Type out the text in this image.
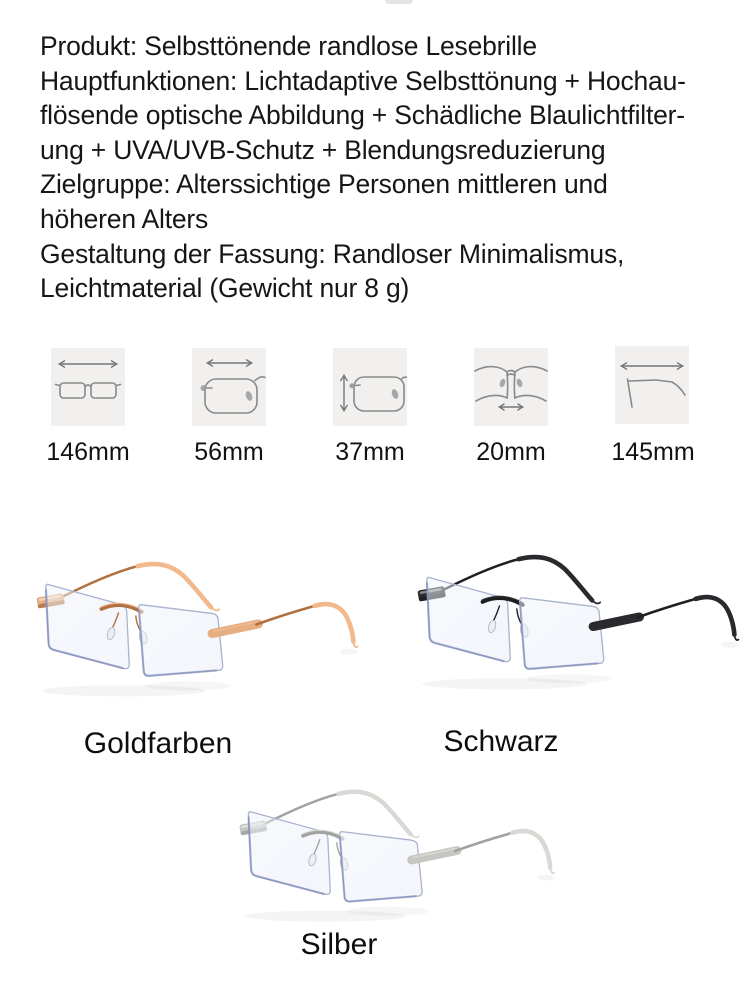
Produkt: Selbsttönende randlose Lesebrille
Hauptfunktionen: Lichtadaptive Selbsttönung + Hochau-
flösende optische Abbildung + Schädliche Blaulichtfilter-
ung + UVA/UVB-Schutz + Blendungsreduzierung
Zielgruppe: Alterssichtige Personen mittleren und
höheren Alters
Gestaltung der Fassung: Randloser Minimalismus,
Leichtmaterial (Gewicht nur 8 g)
146mm	56mm	37mm	20mm	145mm
Goldfarben	Schwarz
Silber
